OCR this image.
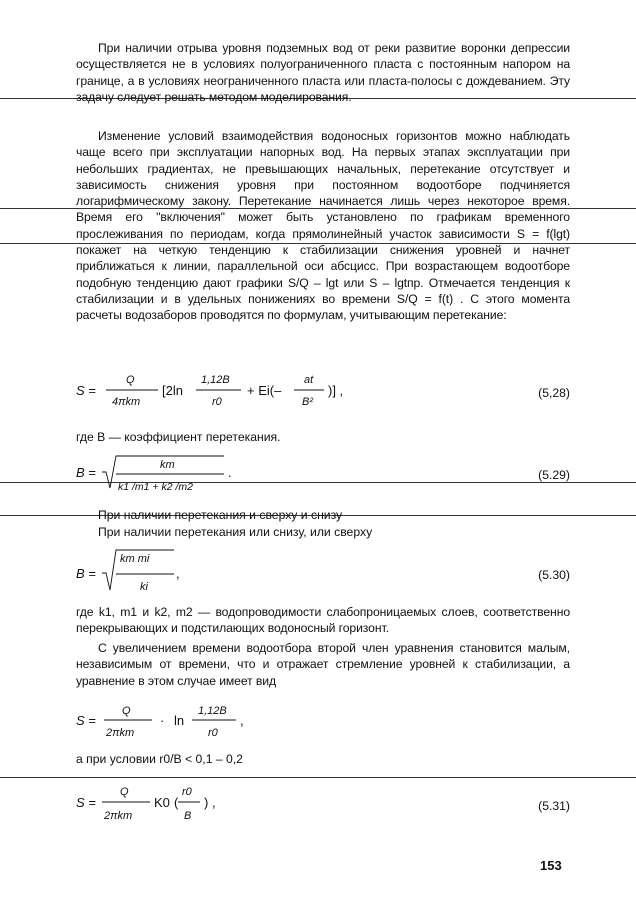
При наличии отрыва уровня подземных вод от реки развитие воронки депрессии осуществляется не в условиях полуограниченного пласта с постоянным напором на границе, а в условиях неограниченного пласта или пласта-полосы с дождеванием. Эту задачу следует решать методом моделирования.

Изменение условий взаимодействия водоносных горизонтов можно наблюдать чаще всего при эксплуатации напорных вод. На первых этапах эксплуатации при небольших градиентах, не превышающих начальных, перетекание отсутствует и зависимость снижения уровня при постоянном водоотборе подчиняется логарифмическому закону. Перетекание начинается лишь через некоторое время. Время его "включения" может быть установлено по графикам временного прослеживания по периодам, когда прямолинейный участок зависимости S = f(lgt) покажет на четкую тенденцию к стабилизации снижения уровней и начнет приближаться к линии, параллельной оси абсцисс. При возрастающем водоотборе подобную тенденцию дают графики S/Q – lgt или S – lgtпр. Отмечается тенденция к стабилизации и в удельных понижениях во времени S/Q = f(t) . С этого момента расчеты водозаборов проводятся по формулам, учитывающим перетекание:

S =
Q
4πkm
[2ln
1,12B
r0
+ Ei(–
at
B²
)] ,	(5,28)

где B — коэффициент перетекания.

B =	km
k1 /m1 + k2 /m2
.	(5.29)

При наличии перетекания и сверху и снизу

При наличии перетекания или снизу, или сверху

B =
km mi
ki
,	(5.30)

где k1, m1 и k2, m2 — водопроводимости слабопроницаемых слоев, соответственно перекрывающих и подстилающих водоносный горизонт.

С увеличением времени водоотбора второй член уравнения становится малым, независимым от времени, что и отражает стремление уровней к стабилизации, а уравнение в этом случае имеет вид

S =
Q
2πkm
· ln
1,12B
r0
,

а при условии r0/B < 0,1 – 0,2

S =
Q
2πkm
K0 (
r0
B
) ,	(5.31)
153
